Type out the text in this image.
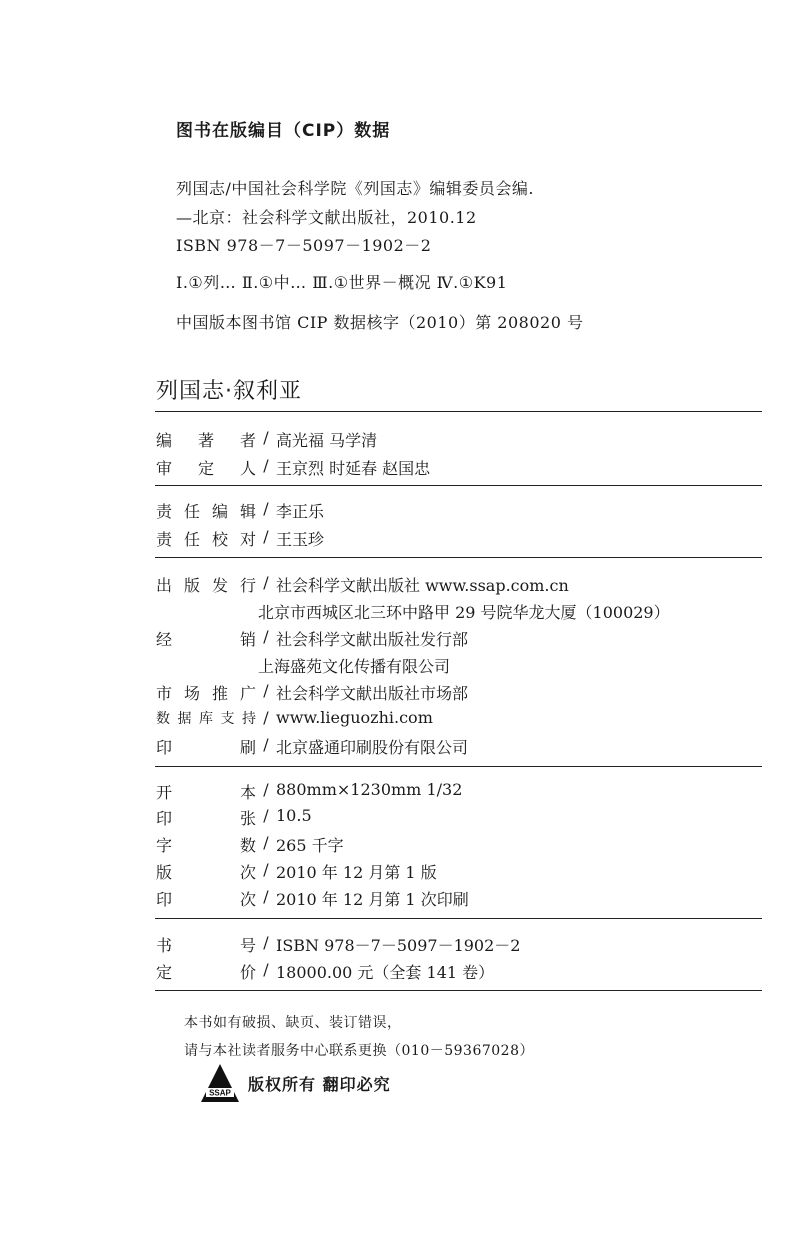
图书在版编目（CIP）数据
列国志/中国社会科学院《列国志》编辑委员会编.
—北京：社会科学文献出版社，2010.12
ISBN 978－7－5097－1902－2
Ⅰ.①列… Ⅱ.①中… Ⅲ.①世界－概况 Ⅳ.①K91
中国版本图书馆 CIP 数据核字（2010）第 208020 号
列国志·叙利亚
编著者 / 高光福 马学清
审定人 / 王京烈 时延春 赵国忠
责任编辑 / 李正乐
责任校对 / 王玉珍
出版发行 / 社会科学文献出版社 www.ssap.com.cn
北京市西城区北三环中路甲 29 号院华龙大厦（100029）
经销 / 社会科学文献出版社发行部
上海盛苑文化传播有限公司
市场推广 / 社会科学文献出版社市场部
数据库支持 / www.lieguozhi.com
印刷 / 北京盛通印刷股份有限公司
开本 / 880mm×1230mm 1/32
印张 / 10.5
字数 / 265 千字
版次 / 2010 年 12 月第 1 版
印次 / 2010 年 12 月第 1 次印刷
书号 / ISBN 978－7－5097－1902－2
定价 / 18000.00 元（全套 141 卷）
本书如有破损、缺页、装订错误，
请与本社读者服务中心联系更换（010－59367028）
SSAP 版权所有 翻印必究
